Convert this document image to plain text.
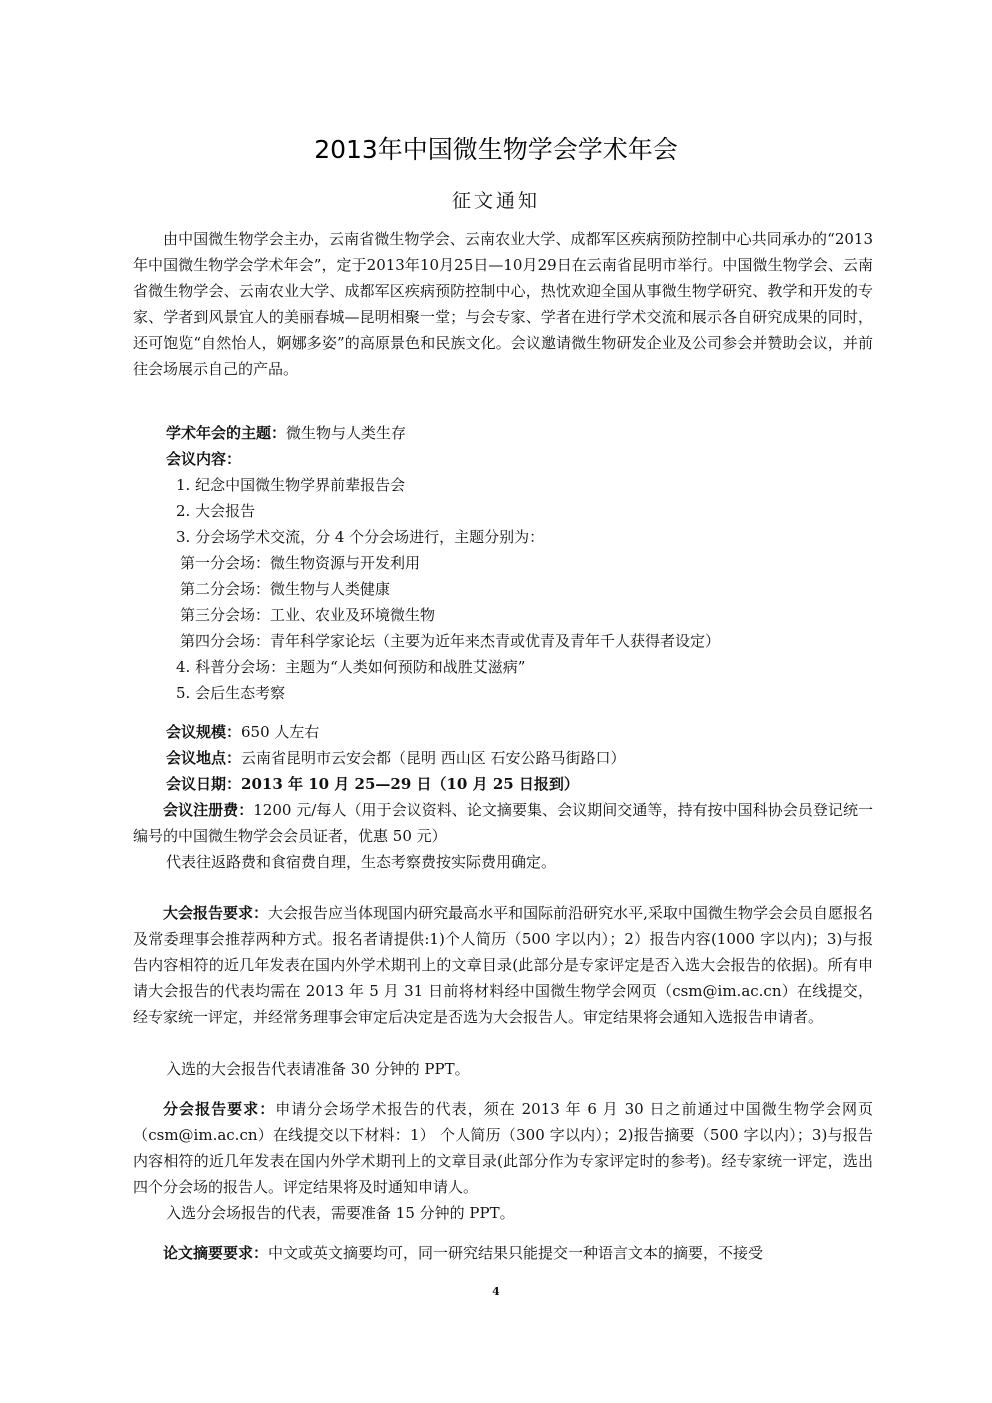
2013年中国微生物学会学术年会
征文通知

由中国微生物学会主办，云南省微生物学会、云南农业大学、成都军区疾病预防控制中心共同承办的“2013年中国微生物学会学术年会”，定于2013年10月25日—10月29日在云南省昆明市举行。中国微生物学会、云南省微生物学会、云南农业大学、成都军区疾病预防控制中心，热忱欢迎全国从事微生物学研究、教学和开发的专家、学者到风景宜人的美丽春城—昆明相聚一堂；与会专家、学者在进行学术交流和展示各自研究成果的同时，还可饱览“自然怡人，婀娜多姿”的高原景色和民族文化。会议邀请微生物研发企业及公司参会并赞助会议，并前往会场展示自己的产品。

学术年会的主题：微生物与人类生存

会议内容：

1. 纪念中国微生物学界前辈报告会

2. 大会报告

3. 分会场学术交流，分 4 个分会场进行，主题分别为：

第一分会场：微生物资源与开发利用

第二分会场：微生物与人类健康

第三分会场：工业、农业及环境微生物

第四分会场：青年科学家论坛（主要为近年来杰青或优青及青年千人获得者设定）

4. 科普分会场：主题为“人类如何预防和战胜艾滋病”

5. 会后生态考察

会议规模：650 人左右

会议地点：云南省昆明市云安会都（昆明 西山区 石安公路马街路口）

会议日期：2013 年 10 月 25—29 日（10 月 25 日报到）

会议注册费：1200 元/每人（用于会议资料、论文摘要集、会议期间交通等，持有按中国科协会员登记统一编号的中国微生物学会会员证者，优惠 50 元）

代表往返路费和食宿费自理，生态考察费按实际费用确定。

大会报告要求：大会报告应当体现国内研究最高水平和国际前沿研究水平,采取中国微生物学会会员自愿报名及常委理事会推荐两种方式。报名者请提供:1)个人简历（500 字以内）；2）报告内容(1000 字以内)；3)与报告内容相符的近几年发表在国内外学术期刊上的文章目录(此部分是专家评定是否入选大会报告的依据)。所有申请大会报告的代表均需在 2013 年 5 月 31 日前将材料经中国微生物学会网页（csm@im.ac.cn）在线提交，经专家统一评定，并经常务理事会审定后决定是否选为大会报告人。审定结果将会通知入选报告申请者。

入选的大会报告代表请准备 30 分钟的 PPT。

分会报告要求：申请分会场学术报告的代表，须在 2013 年 6 月 30 日之前通过中国微生物学会网页（csm@im.ac.cn）在线提交以下材料：1） 个人简历（300 字以内）；2)报告摘要（500 字以内）；3)与报告内容相符的近几年发表在国内外学术期刊上的文章目录(此部分作为专家评定时的参考)。经专家统一评定，选出四个分会场的报告人。评定结果将及时通知申请人。

入选分会场报告的代表，需要准备 15 分钟的 PPT。

论文摘要要求：中文或英文摘要均可，同一研究结果只能提交一种语言文本的摘要，不接受

4
